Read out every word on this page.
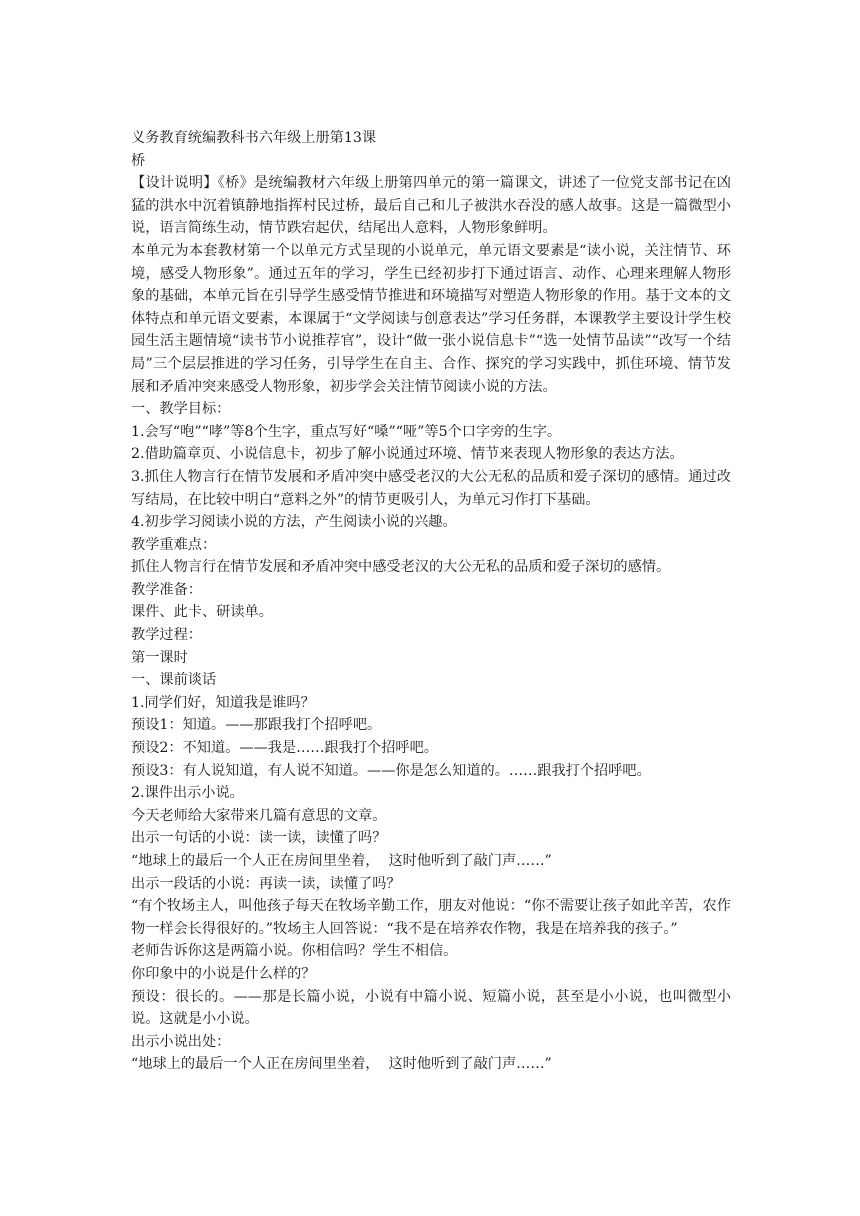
义务教育统编教科书六年级上册第13课

桥

【设计说明】《桥》是统编教材六年级上册第四单元的第一篇课文，讲述了一位党支部书记在凶猛的洪水中沉着镇静地指挥村民过桥，最后自己和儿子被洪水吞没的感人故事。这是一篇微型小说，语言简练生动，情节跌宕起伏，结尾出人意料，人物形象鲜明。

本单元为本套教材第一个以单元方式呈现的小说单元，单元语文要素是“读小说，关注情节、环境，感受人物形象”。通过五年的学习，学生已经初步打下通过语言、动作、心理来理解人物形象的基础，本单元旨在引导学生感受情节推进和环境描写对塑造人物形象的作用。基于文本的文体特点和单元语文要素，本课属于“文学阅读与创意表达”学习任务群，本课教学主要设计学生校园生活主题情境“读书节小说推荐官”，设计“做一张小说信息卡”“选一处情节品读”“改写一个结局”三个层层推进的学习任务，引导学生在自主、合作、探究的学习实践中，抓住环境、情节发展和矛盾冲突来感受人物形象，初步学会关注情节阅读小说的方法。

一、教学目标：

1.会写“咆”“哮”等8个生字，重点写好“嗓”“哑”等5个口字旁的生字。

2.借助篇章页、小说信息卡，初步了解小说通过环境、情节来表现人物形象的表达方法。

3.抓住人物言行在情节发展和矛盾冲突中感受老汉的大公无私的品质和爱子深切的感情。通过改写结局，在比较中明白“意料之外”的情节更吸引人，为单元习作打下基础。

4.初步学习阅读小说的方法，产生阅读小说的兴趣。

教学重难点：

抓住人物言行在情节发展和矛盾冲突中感受老汉的大公无私的品质和爱子深切的感情。

教学准备：

课件、此卡、研读单。

教学过程：

第一课时

一、课前谈话

1.同学们好，知道我是谁吗？

预设1：知道。——那跟我打个招呼吧。

预设2：不知道。——我是……跟我打个招呼吧。

预设3：有人说知道，有人说不知道。——你是怎么知道的。……跟我打个招呼吧。

2.课件出示小说。

今天老师给大家带来几篇有意思的文章。

出示一句话的小说：读一读，读懂了吗？

“地球上的最后一个人正在房间里坐着，  这时他听到了敲门声……”

出示一段话的小说：再读一读，读懂了吗？

“有个牧场主人，叫他孩子每天在牧场辛勤工作，朋友对他说：“你不需要让孩子如此辛苦，农作物一样会长得很好的。”牧场主人回答说：“我不是在培养农作物，我是在培养我的孩子。”

老师告诉你这是两篇小说。你相信吗？学生不相信。

你印象中的小说是什么样的？

预设：很长的。——那是长篇小说，小说有中篇小说、短篇小说，甚至是小小说，也叫微型小说。这就是小小说。

出示小说出处：

“地球上的最后一个人正在房间里坐着，  这时他听到了敲门声……”
